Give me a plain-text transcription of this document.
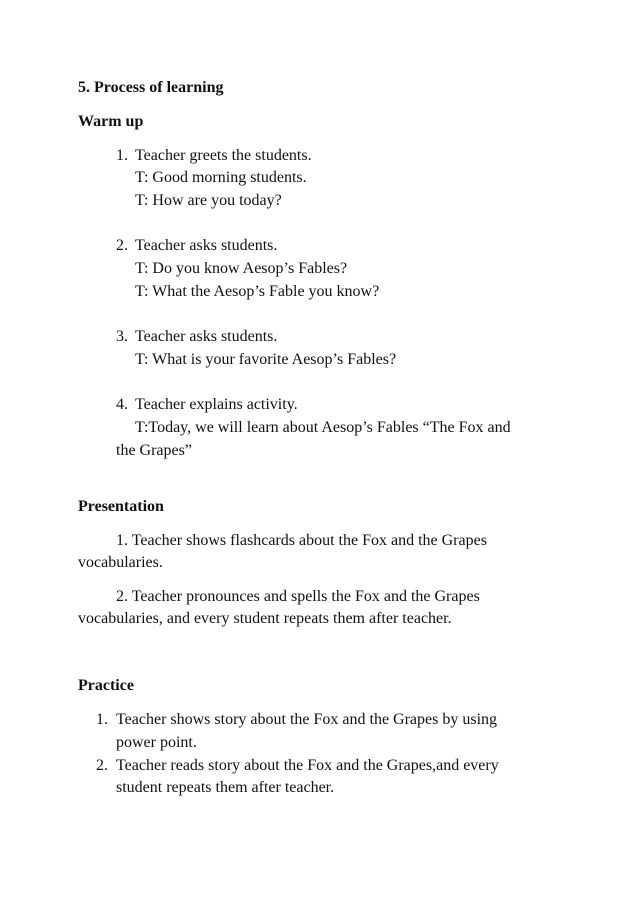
5. Process of learning
Warm up
1. Teacher greets the students.
T: Good morning students.
T: How are you today?
2. Teacher asks students.
T: Do you know Aesop’s Fables?
T: What the Aesop’s Fable you know?
3. Teacher asks students.
T: What is your favorite Aesop’s Fables?
4. Teacher explains activity.
T:Today, we will learn about Aesop’s Fables “The Fox and
the Grapes”
Presentation
1. Teacher shows flashcards about the Fox and the Grapes
vocabularies.
2. Teacher pronounces and spells the Fox and the Grapes
vocabularies, and every student repeats them after teacher.
Practice
1. Teacher shows story about the Fox and the Grapes by using
power point.
2. Teacher reads story about the Fox and the Grapes,and every
student repeats them after teacher.
